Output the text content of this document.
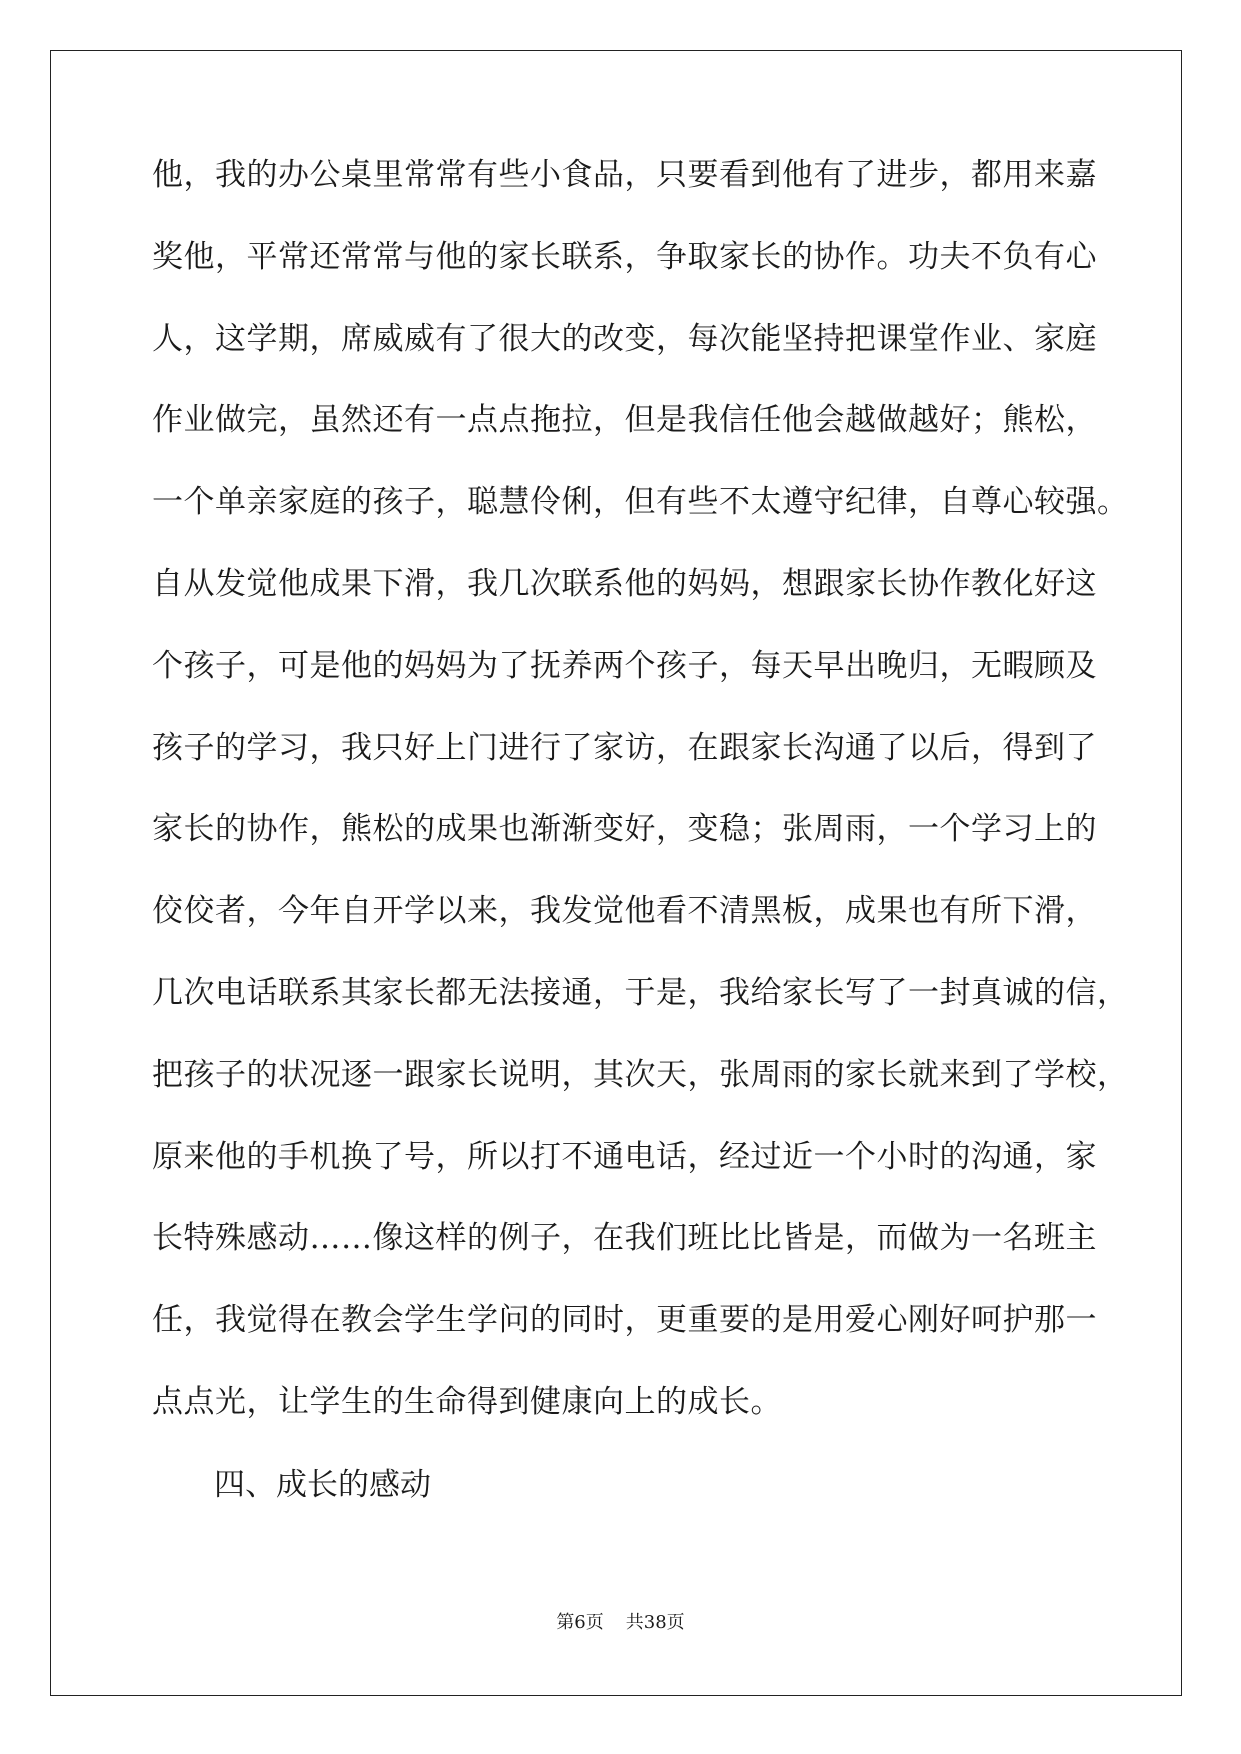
他，我的办公桌里常常有些小食品，只要看到他有了进步，都用来嘉
奖他，平常还常常与他的家长联系，争取家长的协作。功夫不负有心
人，这学期，席威威有了很大的改变，每次能坚持把课堂作业、家庭
作业做完，虽然还有一点点拖拉，但是我信任他会越做越好；熊松，
一个单亲家庭的孩子，聪慧伶俐，但有些不太遵守纪律，自尊心较强。
自从发觉他成果下滑，我几次联系他的妈妈，想跟家长协作教化好这
个孩子，可是他的妈妈为了抚养两个孩子，每天早出晚归，无暇顾及
孩子的学习，我只好上门进行了家访，在跟家长沟通了以后，得到了
家长的协作，熊松的成果也渐渐变好，变稳；张周雨，一个学习上的
佼佼者，今年自开学以来，我发觉他看不清黑板，成果也有所下滑，
几次电话联系其家长都无法接通，于是，我给家长写了一封真诚的信，
把孩子的状况逐一跟家长说明，其次天，张周雨的家长就来到了学校，
原来他的手机换了号，所以打不通电话，经过近一个小时的沟通，家
长特殊感动……像这样的例子，在我们班比比皆是，而做为一名班主
任，我觉得在教会学生学问的同时，更重要的是用爱心刚好呵护那一
点点光，让学生的生命得到健康向上的成长。
四、成长的感动
第6页 共38页
